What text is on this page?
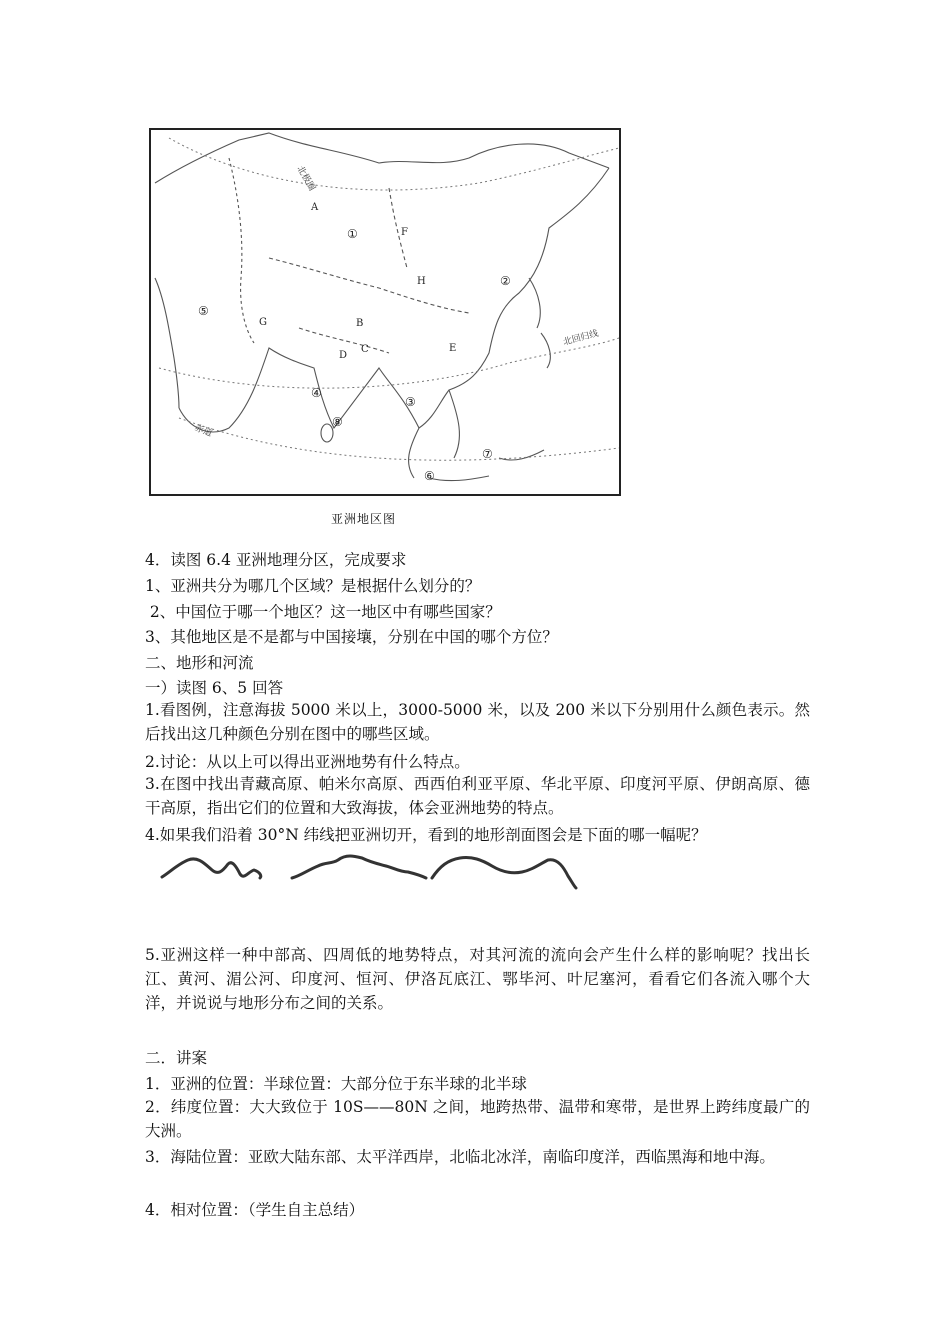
北极圈
北回归线
赤道
A
B
C
D
E
F
G
H
①
②
③
④
⑤
⑥
⑦
⑧
亚洲地区图
4．读图 6.4 亚洲地理分区，完成要求
1、亚洲共分为哪几个区域？是根据什么划分的？
2、中国位于哪一个地区？这一地区中有哪些国家？
3、其他地区是不是都与中国接壤，分别在中国的哪个方位？
二、地形和河流
一）读图 6、5 回答
1.看图例，注意海拔 5000 米以上，3000-5000 米，以及 200 米以下分别用什么颜色表示。然后找出这几种颜色分别在图中的哪些区域。
2.讨论：从以上可以得出亚洲地势有什么特点。
3.在图中找出青藏高原、帕米尔高原、西西伯利亚平原、华北平原、印度河平原、伊朗高原、德干高原，指出它们的位置和大致海拔，体会亚洲地势的特点。
4.如果我们沿着 30°N 纬线把亚洲切开，看到的地形剖面图会是下面的哪一幅呢？
5.亚洲这样一种中部高、四周低的地势特点，对其河流的流向会产生什么样的影响呢？找出长江、黄河、湄公河、印度河、恒河、伊洛瓦底江、鄂毕河、叶尼塞河，看看它们各流入哪个大洋，并说说与地形分布之间的关系。
二．讲案
1．亚洲的位置：半球位置：大部分位于东半球的北半球
2．纬度位置：大大致位于 10S——80N 之间，地跨热带、温带和寒带，是世界上跨纬度最广的大洲。
3．海陆位置：亚欧大陆东部、太平洋西岸，北临北冰洋，南临印度洋，西临黑海和地中海。
4．相对位置：（学生自主总结）
